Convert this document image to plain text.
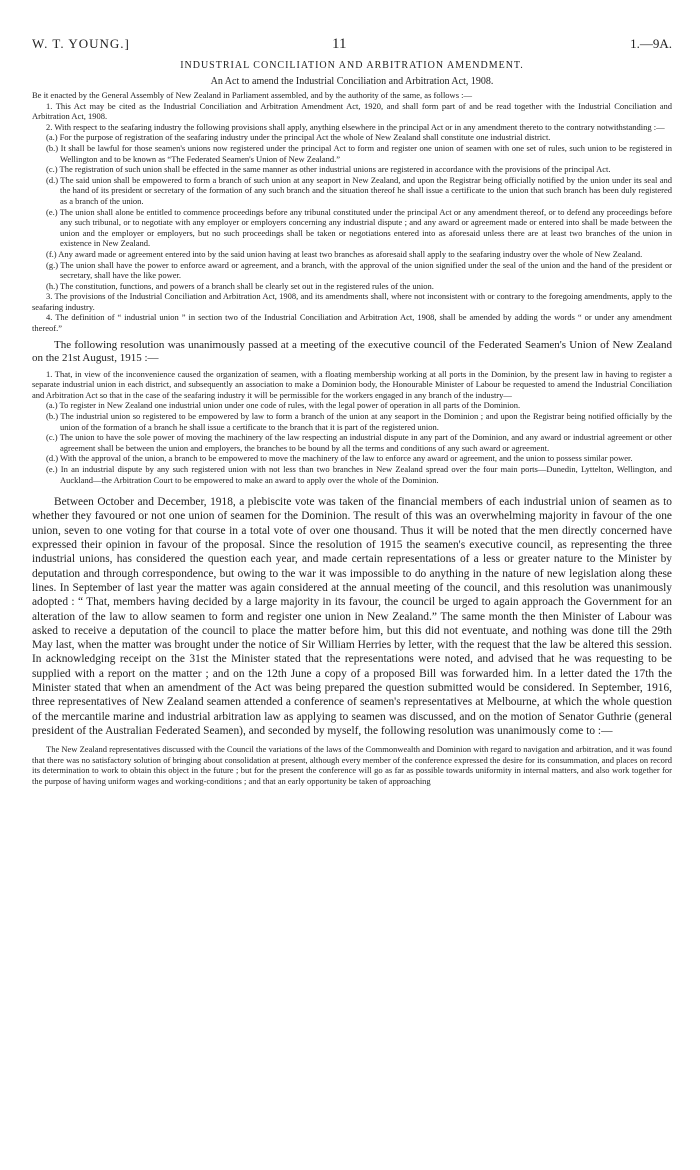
W. T. YOUNG.]	11	1.—9A.
INDUSTRIAL CONCILIATION AND ARBITRATION AMENDMENT.
An Act to amend the Industrial Conciliation and Arbitration Act, 1908.

Be it enacted by the General Assembly of New Zealand in Parliament assembled, and by the authority of the same, as follows :—

1. This Act may be cited as the Industrial Conciliation and Arbitration Amendment Act, 1920, and shall form part of and be read together with the Industrial Conciliation and Arbitration Act, 1908.

2. With respect to the seafaring industry the following provisions shall apply, anything elsewhere in the principal Act or in any amendment thereto to the contrary notwithstanding :—

(a.) For the purpose of registration of the seafaring industry under the principal Act the whole of New Zealand shall constitute one industrial district.

(b.) It shall be lawful for those seamen's unions now registered under the principal Act to form and register one union of seamen with one set of rules, such union to be registered in Wellington and to be known as “The Federated Seamen's Union of New Zealand.”

(c.) The registration of such union shall be effected in the same manner as other industrial unions are registered in accordance with the provisions of the principal Act.

(d.) The said union shall be empowered to form a branch of such union at any seaport in New Zealand, and upon the Registrar being officially notified by the union under its seal and the hand of its president or secretary of the formation of any such branch and the situation thereof he shall issue a certificate to the union that such branch has been duly registered as a branch of the union.

(e.) The union shall alone be entitled to commence proceedings before any tribunal constituted under the principal Act or any amendment thereof, or to defend any proceedings before any such tribunal, or to negotiate with any employer or employers concerning any industrial dispute ; and any award or agreement made or entered into shall be made between the union and the employer or employers, but no such proceedings shall be taken or negotiations entered into as aforesaid unless there are at least two branches of the union in existence in New Zealand.

(f.) Any award made or agreement entered into by the said union having at least two branches as aforesaid shall apply to the seafaring industry over the whole of New Zealand.

(g.) The union shall have the power to enforce award or agreement, and a branch, with the approval of the union signified under the seal of the union and the hand of the president or secretary, shall have the like power.

(h.) The constitution, functions, and powers of a branch shall be clearly set out in the registered rules of the union.

3. The provisions of the Industrial Conciliation and Arbitration Act, 1908, and its amendments shall, where not inconsistent with or contrary to the foregoing amendments, apply to the seafaring industry.

4. The definition of “ industrial union ” in section two of the Industrial Conciliation and Arbitration Act, 1908, shall be amended by adding the words “ or under any amendment thereof.”

The following resolution was unanimously passed at a meeting of the executive council of the Federated Seamen's Union of New Zealand on the 21st August, 1915 :—

1. That, in view of the inconvenience caused the organization of seamen, with a floating membership working at all ports in the Dominion, by the present law in having to register a separate industrial union in each district, and subsequently an association to make a Dominion body, the Honourable Minister of Labour be requested to amend the Industrial Conciliation and Arbitration Act so that in the case of the seafaring industry it will be permissible for the workers engaged in any branch of the industry—

(a.) To register in New Zealand one industrial union under one code of rules, with the legal power of operation in all parts of the Dominion.

(b.) The industrial union so registered to be empowered by law to form a branch of the union at any seaport in the Dominion ; and upon the Registrar being notified officially by the union of the formation of a branch he shall issue a certificate to the branch that it is part of the registered union.

(c.) The union to have the sole power of moving the machinery of the law respecting an industrial dispute in any part of the Dominion, and any award or industrial agreement or other agreement shall be between the union and employers, the branches to be bound by all the terms and conditions of any such award or agreement.

(d.) With the approval of the union, a branch to be empowered to move the machinery of the law to enforce any award or agreement, and the union to possess similar power.

(e.) In an industrial dispute by any such registered union with not less than two branches in New Zealand spread over the four main ports—Dunedin, Lyttelton, Wellington, and Auckland—the Arbitration Court to be empowered to make an award to apply over the whole of the Dominion.

Between October and December, 1918, a plebiscite vote was taken of the financial members of each industrial union of seamen as to whether they favoured or not one union of seamen for the Dominion. The result of this was an overwhelming majority in favour of the one union, seven to one voting for that course in a total vote of over one thousand. Thus it will be noted that the men directly concerned have expressed their opinion in favour of the proposal. Since the resolution of 1915 the seamen's executive council, as representing the three industrial unions, has considered the question each year, and made certain representations of a less or greater nature to the Minister by deputation and through correspondence, but owing to the war it was impossible to do anything in the nature of new legislation along these lines. In September of last year the matter was again considered at the annual meeting of the council, and this resolution was unanimously adopted : “ That, members having decided by a large majority in its favour, the council be urged to again approach the Government for an alteration of the law to allow seamen to form and register one union in New Zealand.” The same month the then Minister of Labour was asked to receive a deputation of the council to place the matter before him, but this did not eventuate, and nothing was done till the 29th May last, when the matter was brought under the notice of Sir William Herries by letter, with the request that the law be altered this session. In acknowledging receipt on the 31st the Minister stated that the representations were noted, and advised that he was requesting to be supplied with a report on the matter ; and on the 12th June a copy of a proposed Bill was forwarded him. In a letter dated the 17th the Minister stated that when an amendment of the Act was being prepared the question submitted would be considered. In September, 1916, three representatives of New Zealand seamen attended a conference of seamen's representatives at Melbourne, at which the whole question of the mercantile marine and industrial arbitration law as applying to seamen was discussed, and on the motion of Senator Guthrie (general president of the Australian Federated Seamen), and seconded by myself, the following resolution was unanimously come to :—

The New Zealand representatives discussed with the Council the variations of the laws of the Commonwealth and Dominion with regard to navigation and arbitration, and it was found that there was no satisfactory solution of bringing about consolidation at present, although every member of the conference expressed the desire for its consummation, and places on record its determination to work to obtain this object in the future ; but for the present the conference will go as far as possible towards uniformity in internal matters, and also work together for the purpose of having uniform wages and working-conditions ; and that an early opportunity be taken of approaching
